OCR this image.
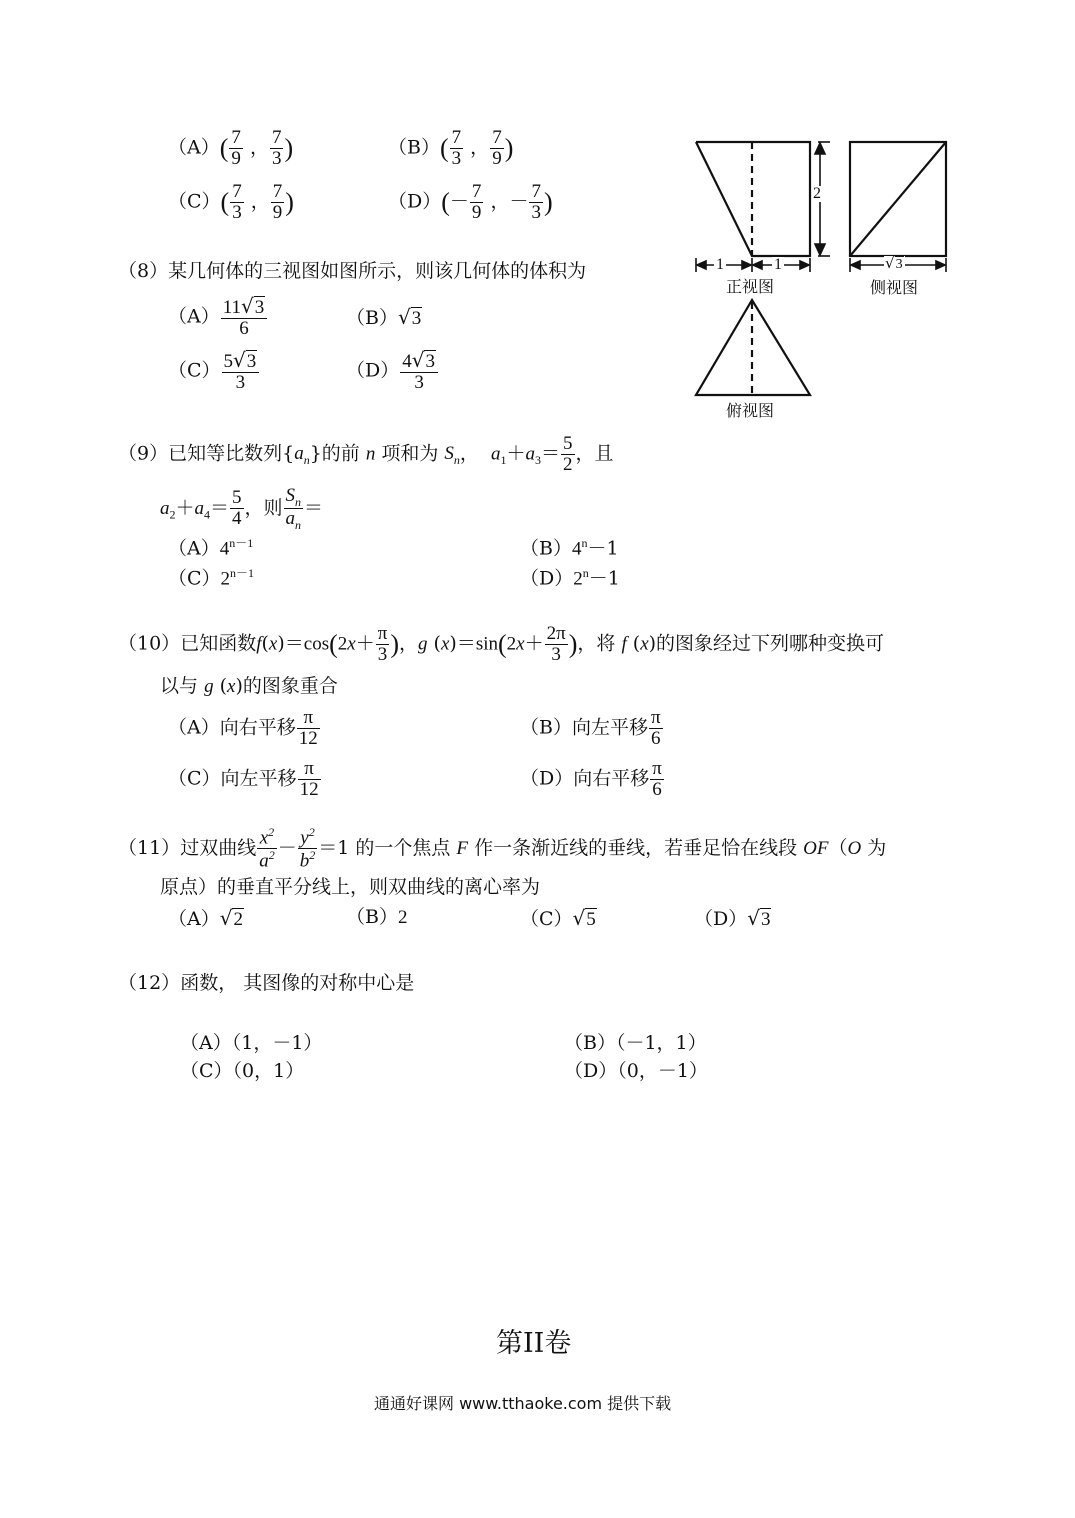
$(A)( \frac{7}{9}$ ， $\frac{7}{3}$ )	$(B)( \frac{7}{3}$ ， $\frac{7}{9}$ )
$(C)( \frac{7}{3}$ ， $\frac{7}{9}$ )	$(D)(- \frac{7}{9}$ ，－ $\frac{7}{3}$ )	2
1	1	√3
正视图	侧视图
俯视图
（8）某几何体的三视图如图所示，则该几何体的体积为
$(A) \frac{11√3}{6}$	（B）√3
$(C) \frac{5√3}{3}$	$(D) \frac{4√3}{3}$
（9）已知等比数列$\{a_n\}$的前 n 项和为 $S_n$，  $a_1+a_3= \frac{5}{2}$ ，且
$a_2+a_4= \frac{5}{4}$ ，则 $\frac{S_n}{a_n}$ ＝
$(A)4^{n-1}$	$(B)4^n-1$
$(C)2^{n-1}$	$(D)2^n-1$
（10）已知函数$f(x)=\cos(2x+ \frac{\pi}{3}$ )，g $(x)=\sin(2x+ \frac{2\pi}{3}$ )，将 f (x)的图象经过下列哪种变换可
以与 g (x)的图象重合
（A）向右平移 $\frac{\pi}{12}$	（B）向左平移 $\frac{\pi}{6}$
（C）向左平移 $\frac{\pi}{12}$	（D）向右平移 $\frac{\pi}{6}$
（11）过双曲线 $\frac{x^2}{a^2} - \frac{y^2}{b^2} =1$ 的一个焦点 F 作一条渐近线的垂线，若垂足恰在线段 OF（O 为
原点）的垂直平分线上，则双曲线的离心率为
（A）√2	（B）2	（C）√5	（D）√3
（12）函数， 其图像的对称中心是
（A）（1，－1）	（B）（－1，1）
（C）（0，1）	（D）（0，－1）
第II卷
通通好课网 www.tthaoke.com 提供下载
